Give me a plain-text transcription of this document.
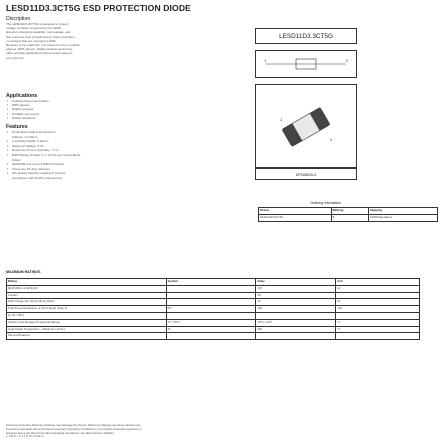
LESD11D3.3CT5G ESD PROTECTION DIODE
Discription
The LESD11D3.3CT5G is designed to protect
voltage sensitive components from ESD.
Excellent clamping capability, low leakage, and
fast response time provide best in class protection
on designs that are exposed to ESD.
Because of its small size, it is suited for use in cellular
phones, MP3 players, digital cameras and many
other portable applications where board space is
at a premium.
Applications
• Cellular phones and radios
• MP3 players
• Digital cameras
• Portable electronics
• Mobile telephone
Features
• Small Body Outline Dimensions:
0.60mm x 0.30mm
• Low Body Height: 0.28mm
• Stand-off Voltage: 3.3V
• Response Time is Typically < 1 ns
• ESD Rating of Class 3 (> 16 kV) per Human Body
Model
• IEC61000-4-2 Level 4 ESD Protection
• These are Pb-Free Devices
• We declare that the material of product
compliance with RoHS requirements.
LESD11D3.3CT5G
1	2
1
2
DFN0603-2
Ordering information
Device	Marking	Shipping
LESD11D3.3CT5G	B	10000/Tape&Reel
MAXIMUM RATINGS
Rating	Symbol	Value	Unit
IEC61000-4-2 (ESD) Air		±15	kV
Contact		±8	
ESD Voltage Per Human Body Model		16	kV
Total Power Dissipation on FR-5 Board (Note 1)	PD	150	mW
@ TA = 25°C			
Junction and Storage Temperature Range	TJ, TSTG	-55 to +150	°C
Lead Solder Temperature – Maximum (10 Sec	TL	260	°C
Second Duration)			
Stresses exceeding Maximum Ratings may damage the device. Maximum Ratings are stress ratings only.
Functional operation above the Recommended Operating Conditions is not implied. Extended exposure to
stresses above the Recommended Operating Conditions may affect device reliability.
1. FR-5 = 1.0 x 0.75 x 0.62 in.
